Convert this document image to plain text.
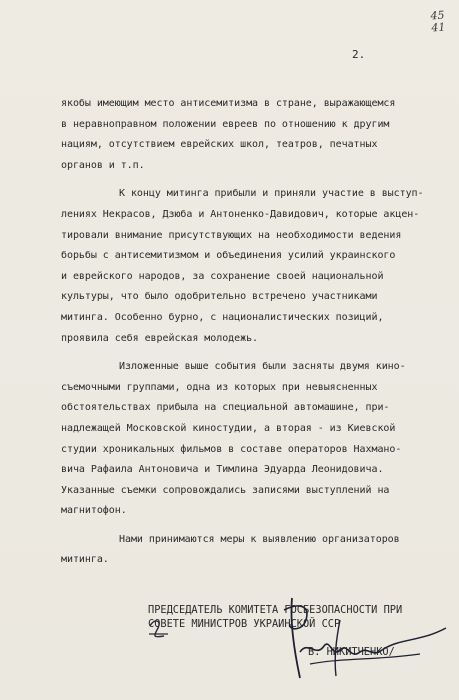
45
41
2.

якобы имеющим место антисемитизма в стране, выражающемся
в неравноправном положении евреев по отношению к другим
нациям, отсутствием еврейских школ, театров, печатных
органов и т.п.

К концу митинга прибыли и приняли участие в выступ-
лениях Некрасов, Дзюба и Антоненко-Давидович, которые акцен-
тировали внимание присутствующих на необходимости ведения
борьбы с антисемитизмом и объединения усилий украинского
и еврейского народов, за сохранение своей национальной
культуры, что было одобрительно встречено участниками
митинга. Особенно бурно, с националистических позиций,
проявила себя еврейская молодежь.

Изложенные выше события были засняты двумя кино-
съемочными группами, одна из которых при невыясненных
обстоятельствах прибыла на специальной автомашине, при-
надлежащей Московской киностудии, а вторая - из Киевской
студии хроникальных фильмов в составе операторов Нахмано-
вича Рафаила Антоновича и Тимлина Эдуарда Леонидовича.
Указанные съемки сопровождались записями выступлений на
магнитофон.

Нами принимаются меры к выявлению организаторов
митинга.

ПРЕДСЕДАТЕЛЬ КОМИТЕТА ГОСБЕЗОПАСНОСТИ ПРИ
СОВЕТЕ МИНИСТРОВ УКРАИНСКОЙ ССР
В. НИКИТЧЕНКО/
